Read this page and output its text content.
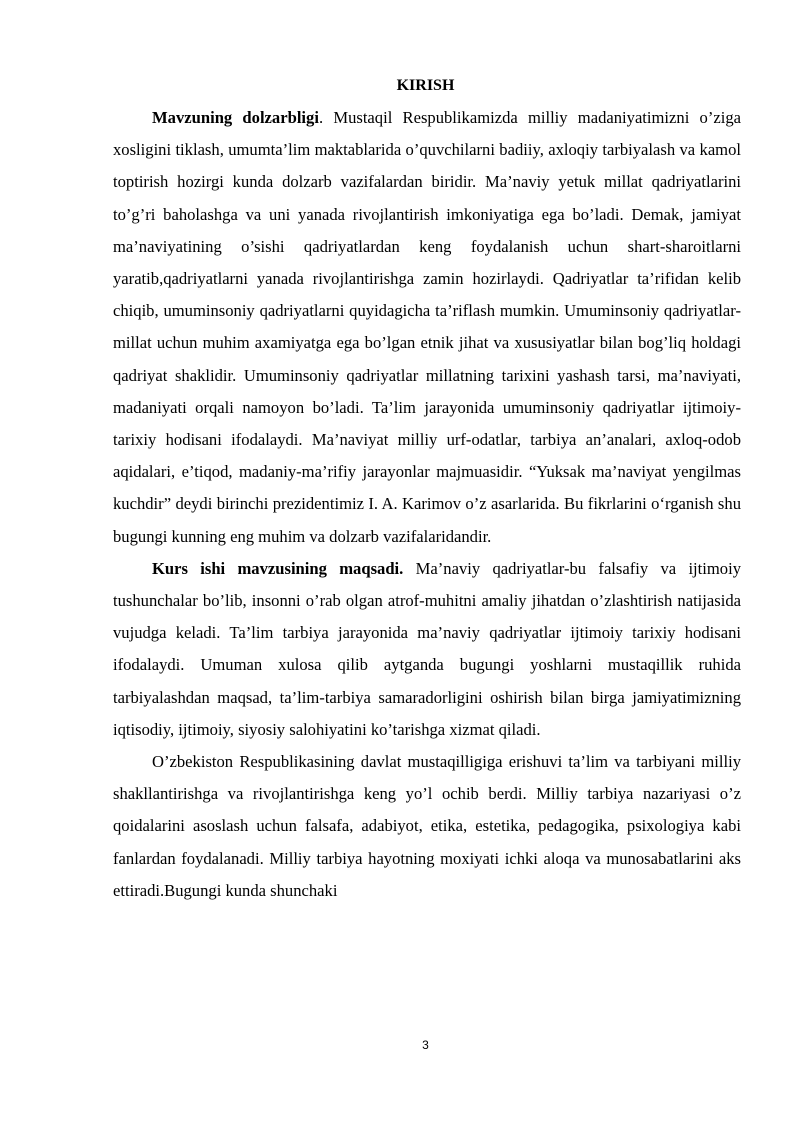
KIRISH

Mavzuning dolzarbligi. Mustaqil Respublikamizda milliy madaniyatimizni o’ziga xosligini tiklash, umumta’lim maktablarida o’quvchilarni badiiy, axloqiy tarbiyalash va kamol toptirish hozirgi kunda dolzarb vazifalardan biridir. Ma’naviy yetuk millat qadriyatlarini to’g’ri baholashga va uni yanada rivojlantirish imkoniyatiga ega bo’ladi. Demak, jamiyat ma’naviyatining o’sishi qadriyatlardan keng foydalanish uchun shart-sharoitlarni yaratib,qadriyatlarni yanada rivojlantirishga zamin hozirlaydi. Qadriyatlar ta’rifidan kelib chiqib, umuminsoniy qadriyatlarni quyidagicha ta’riflash mumkin. Umuminsoniy qadriyatlar-millat uchun muhim axamiyatga ega bo’lgan etnik jihat va xususiyatlar bilan bog’liq holdagi qadriyat shaklidir. Umuminsoniy qadriyatlar millatning tarixini yashash tarsi, ma’naviyati, madaniyati orqali namoyon bo’ladi. Ta’lim jarayonida umuminsoniy qadriyatlar ijtimoiy-tarixiy hodisani ifodalaydi. Ma’naviyat milliy urf-odatlar, tarbiya an’analari, axloq-odob aqidalari, e’tiqod, madaniy-ma’rifiy jarayonlar majmuasidir. “Yuksak ma’naviyat yengilmas kuchdir” deydi birinchi prezidentimiz I. A. Karimov o’z asarlarida. Bu fikrlarini o‘rganish shu bugungi kunning eng muhim va dolzarb vazifalaridandir.

Kurs ishi mavzusining maqsadi. Ma’naviy qadriyatlar-bu falsafiy va ijtimoiy tushunchalar bo’lib, insonni o’rab olgan atrof-muhitni amaliy jihatdan o’zlashtirish natijasida vujudga keladi. Ta’lim tarbiya jarayonida ma’naviy qadriyatlar ijtimoiy tarixiy hodisani ifodalaydi. Umuman xulosa qilib aytganda bugungi yoshlarni mustaqillik ruhida tarbiyalashdan maqsad, ta’lim-tarbiya samaradorligini oshirish bilan birga jamiyatimizning iqtisodiy, ijtimoiy, siyosiy salohiyatini ko’tarishga xizmat qiladi.

O’zbekiston Respublikasining davlat mustaqilligiga erishuvi ta’lim va tarbiyani milliy shakllantirishga va rivojlantirishga keng yo’l ochib berdi. Milliy tarbiya nazariyasi o’z qoidalarini asoslash uchun falsafa, adabiyot, etika, estetika, pedagogika, psixologiya kabi fanlardan foydalanadi. Milliy tarbiya hayotning moxiyati ichki aloqa va munosabatlarini aks ettiradi.Bugungi kunda shunchaki

3
